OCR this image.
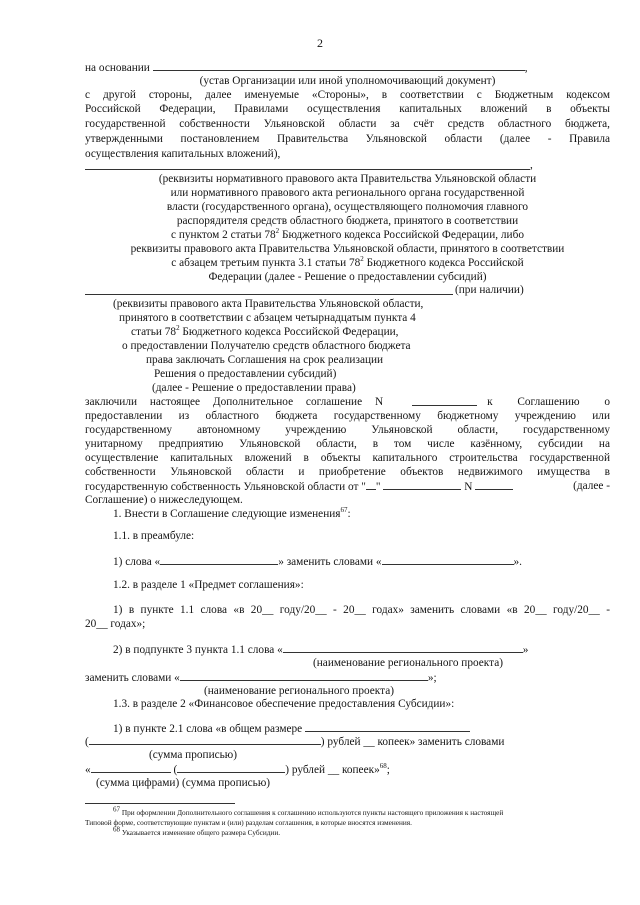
2
на основании	,
(устав Организации или иной уполномочивающий документ)
с другой стороны, далее именуемые «Стороны», в соответствии с Бюджетным кодексом
Российской Федерации, Правилами осуществления капитальных вложений в объекты
государственной собственности Ульяновской области за счёт средств областного бюджета,
утвержденными постановлением Правительства Ульяновской области (далее - Правила
осуществления капитальных вложений),
,
(реквизиты нормативного правового акта Правительства Ульяновской области
или нормативного правового акта регионального органа государственной
власти (государственного органа), осуществляющего полномочия главного
распорядителя средств областного бюджета, принятого в соответствии
с пунктом 2 статьи $78^2$ Бюджетного кодекса Российской Федерации, либо
реквизиты правового акта Правительства Ульяновской области, принятого в соответствии
с абзацем третьим пункта 3.1 статьи $78^2$ Бюджетного кодекса Российской
Федерации (далее - Решение о предоставлении субсидий)
(при наличии)
(реквизиты правового акта Правительства Ульяновской области,
принятого в соответствии с абзацем четырнадцатым пункта 4
статьи $78^2$ Бюджетного кодекса Российской Федерации,
о предоставлении Получателю средств областного бюджета
права заключать Соглашения на срок реализации
Решения о предоставлении субсидий)
(далее - Решение о предоставлении права)
заключили настоящее Дополнительное соглашение N	к Соглашению о
предоставлении из областного бюджета государственному бюджетному учреждению или
государственному автономному учреждению Ульяновской области, государственному
унитарному предприятию Ульяновской области, в том числе казённому, субсидии на
осуществление капитальных вложений в объекты капитального строительства государственной
собственности Ульяновской области и приобретение объектов недвижимого имущества в
государственную собственность Ульяновской области от " "	N	(далее -
Соглашение) о нижеследующем.
1. Внести в Соглашение следующие изменения$^{67}$:
1.1. в преамбуле:
1) слова «	» заменить словами «	».
1.2. в разделе 1 «Предмет соглашения»:
1) в пункте 1.1 слова «в 20__ году/20__ - 20__ годах» заменить словами «в 20__ году/20__ -
20__ годах»;
2) в подпункте 3 пункта 1.1 слова «	»
(наименование регионального проекта)
заменить словами «	»;
(наименование регионального проекта)
1.3. в разделе 2 «Финансовое обеспечение предоставления Субсидии»:
1) в пункте 2.1 слова «в общем размере
(	) рублей __ копеек» заменить словами
(сумма прописью)
«	(	) рублей __ копеек»$^{68}$;
(сумма цифрами) (сумма прописью)
$^{67}$ При оформлении Дополнительного соглашения к соглашению используются пункты настоящего приложения к настоящей
Типовой форме, соответствующие пунктам и (или) разделам соглашения, в которые вносятся изменения.
$^{68}$ Указывается изменение общего размера Субсидии.
